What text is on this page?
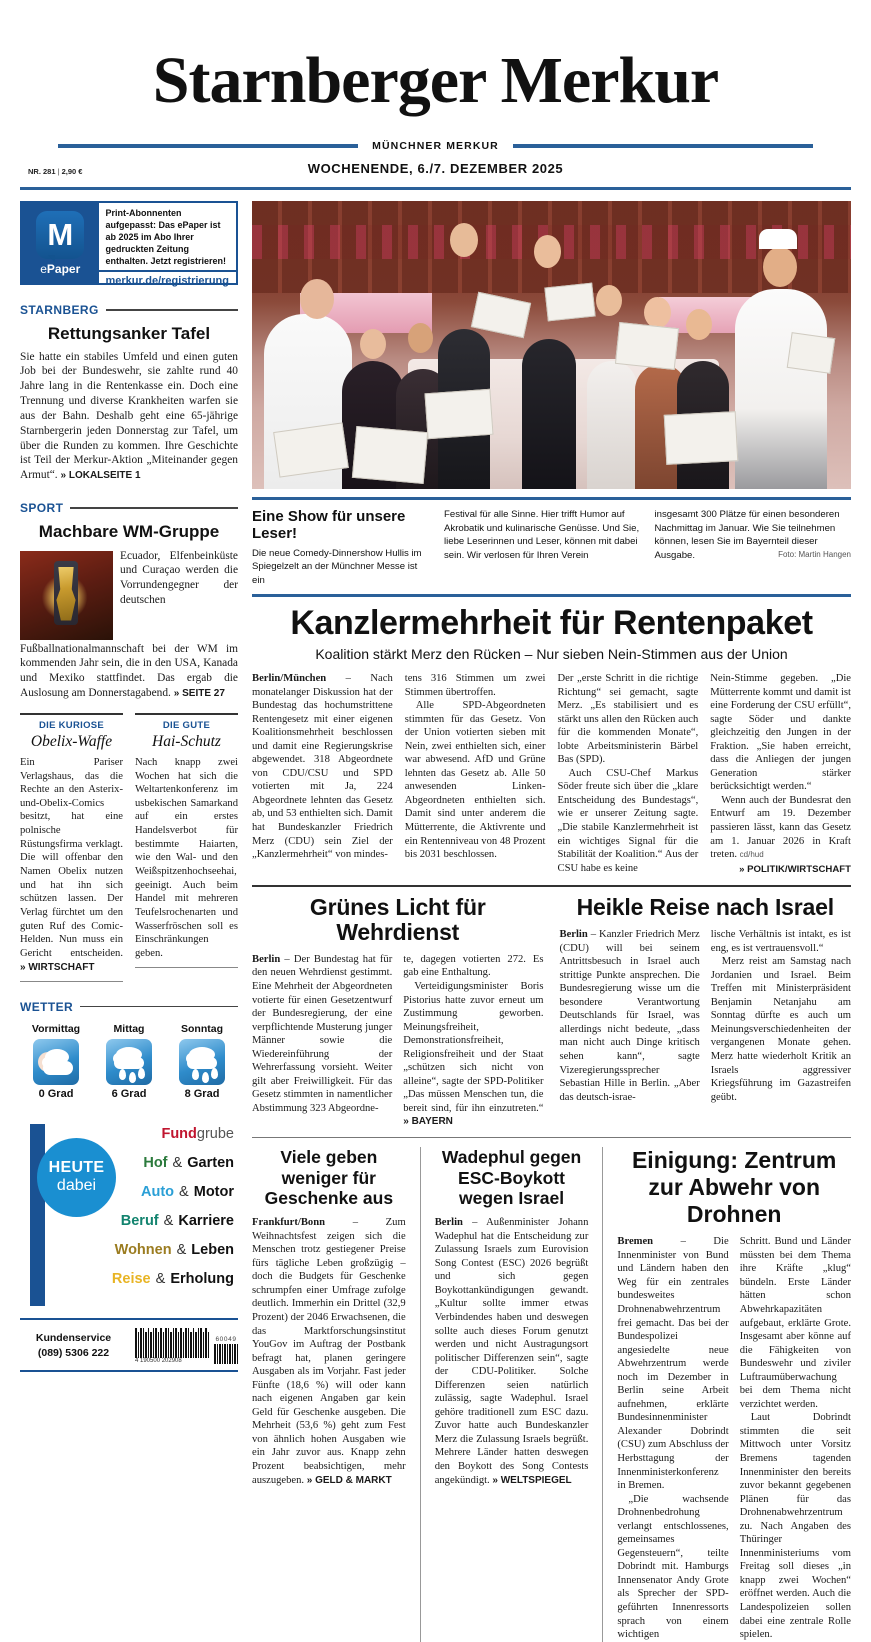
Starnberger Merkur
MÜNCHNER MERKUR
NR. 281 | 2,90 €	WOCHENENDE, 6./7. DEZEMBER 2025
M
ePaper
Print-Abonnenten aufgepasst: Das ePaper ist ab 2025 im Abo Ihrer gedruckten Zeitung enthalten. Jetzt registrieren!
merkur.de/registrierung
STARNBERG
Rettungsanker Tafel
Sie hatte ein stabiles Umfeld und einen guten Job bei der Bundeswehr, sie zahlte rund 40 Jahre lang in die Rentenkasse ein. Doch eine Trennung und diverse Krankheiten warfen sie aus der Bahn. Deshalb geht eine 65-jährige Starnbergerin jeden Donnerstag zur Tafel, um über die Runden zu kommen. Ihre Geschichte ist Teil der Merkur-Aktion „Miteinander gegen Armut“. » LOKALSEITE 1
SPORT
Machbare WM-Gruppe
Ecuador, Elfenbeinküste und Curaçao werden die Vorrundengegner der deutschen Fußballnationalmannschaft bei der WM im kommenden Jahr sein, die in den USA, Kanada und Mexiko stattfindet. Das ergab die Auslosung am Donnerstagabend. » SEITE 27
DIE KURIOSE
Obelix-Waffe
Ein Pariser Verlagshaus, das die Rechte an den Asterix-und-Obelix-Comics besitzt, hat eine polnische Rüstungsfirma verklagt. Die will offenbar den Namen Obelix nutzen und hat ihn sich schützen lassen. Der Verlag fürchtet um den guten Ruf des Comic-Helden. Nun muss ein Gericht entscheiden. » WIRTSCHAFT
DIE GUTE
Hai-Schutz
Nach knapp zwei Wochen hat sich die Weltartenkonferenz im usbekischen Samarkand auf ein erstes Handelsverbot für bestimmte Haiarten, wie den Wal- und den Weißspitzenhochseehai, geeinigt. Auch beim Handel mit mehreren Teufelsrochenarten und Wasserfröschen soll es Einschränkungen geben.
WETTER
Vormittag
0 Grad
Mittag
6 Grad
Sonntag
8 Grad
HEUTE
dabei
Fundgrube
Hof & Garten
Auto & Motor
Beruf & Karriere
Wohnen & Leben
Reise & Erholung
Kundenservice
(089) 5306 222
4 190500 202908
60049
Eine Show für unsere Leser!
Die neue Comedy-Dinnershow Hullis im Spiegelzelt an der Münchner Messe ist ein
Festival für alle Sinne. Hier trifft Humor auf Akrobatik und kulinarische Genüsse. Und Sie, liebe Leserinnen und Leser, können mit dabei sein. Wir verlosen für Ihren Verein
insgesamt 300 Plätze für einen besonderen Nachmittag im Januar. Wie Sie teilnehmen können, lesen Sie im Bayernteil dieser Ausgabe.	Foto: Martin Hangen
Kanzlermehrheit für Rentenpaket
Koalition stärkt Merz den Rücken – Nur sieben Nein-Stimmen aus der Union

Berlin/München – Nach monatelanger Diskussion hat der Bundestag das hochumstrittene Rentengesetz mit einer eigenen Koalitionsmehrheit beschlossen und damit eine Regierungskrise abgewendet. 318 Abgeordnete von CDU/CSU und SPD votierten mit Ja, 224 Abgeordnete lehnten das Gesetz ab, und 53 enthielten sich. Damit hat Bundeskanzler Friedrich Merz (CDU) sein Ziel der „Kanzlermehrheit“ von mindes-

tens 316 Stimmen um zwei Stimmen übertroffen.

Alle SPD-Abgeordneten stimmten für das Gesetz. Von der Union votierten sieben mit Nein, zwei enthielten sich, einer war abwesend. AfD und Grüne lehnten das Gesetz ab. Alle 50 anwesenden Linken-Abgeordneten enthielten sich. Damit sind unter anderem die Mütterrente, die Aktivrente und ein Rentenniveau von 48 Prozent bis 2031 beschlossen.

Der „erste Schritt in die richtige Richtung“ sei gemacht, sagte Merz. „Es stabilisiert und es stärkt uns allen den Rücken auch für die kommenden Monate“, lobte Arbeitsministerin Bärbel Bas (SPD).

Auch CSU-Chef Markus Söder freute sich über die „klare Entscheidung des Bundestags“, wie er unserer Zeitung sagte. „Die stabile Kanzlermehrheit ist ein wichtiges Signal für die Stabilität der Koalition.“ Aus der CSU habe es keine

Nein-Stimme gegeben. „Die Mütterrente kommt und damit ist eine Forderung der CSU erfüllt“, sagte Söder und dankte gleichzeitig den Jungen in der Fraktion. „Sie haben erreicht, dass die Anliegen der jungen Generation stärker berücksichtigt werden.“

Wenn auch der Bundesrat den Entwurf am 19. Dezember passieren lässt, kann das Gesetz am 1. Januar 2026 in Kraft treten. cd/hud

» POLITIK/WIRTSCHAFT
Grünes Licht für Wehrdienst

Berlin – Der Bundestag hat für den neuen Wehrdienst gestimmt. Eine Mehrheit der Abgeordneten votierte für einen Gesetzentwurf der Bundesregierung, der eine verpflichtende Musterung junger Männer sowie die Wiedereinführung der Wehrerfassung vorsieht. Weiter gilt aber Freiwilligkeit. Für das Gesetz stimmten in namentlicher Abstimmung 323 Abgeordne-

te, dagegen votierten 272. Es gab eine Enthaltung.

Verteidigungsminister Boris Pistorius hatte zuvor erneut um Zustimmung geworben. Meinungsfreiheit, Demonstrationsfreiheit, Religionsfreiheit und der Staat „schützen sich nicht von alleine“, sagte der SPD-Politiker „Das müssen Menschen tun, die bereit sind, für ihn einzutreten.“ » BAYERN

Heikle Reise nach Israel

Berlin – Kanzler Friedrich Merz (CDU) will bei seinem Antrittsbesuch in Israel auch strittige Punkte ansprechen. Die Bundesregierung wisse um die besondere Verantwortung Deutschlands für Israel, was allerdings nicht bedeute, „dass man nicht auch Dinge kritisch sehen kann“, sagte Vizeregierungssprecher Sebastian Hille in Berlin. „Aber das deutsch-israe-

lische Verhältnis ist intakt, es ist eng, es ist vertrauensvoll.“

Merz reist am Samstag nach Jordanien und Israel. Beim Treffen mit Ministerpräsident Benjamin Netanjahu am Sonntag dürfte es auch um Meinungsverschiedenheiten der vergangenen Monate gehen. Merz hatte wiederholt Kritik an Israels aggressiver Kriegsführung im Gazastreifen geübt.

Viele geben weniger für Geschenke aus

Frankfurt/Bonn – Zum Weihnachtsfest zeigen sich die Menschen trotz gestiegener Preise fürs tägliche Leben großzügig – doch die Budgets für Geschenke schrumpfen einer Umfrage zufolge deutlich. Immerhin ein Drittel (32,9 Prozent) der 2046 Erwachsenen, die das Marktforschungsinstitut YouGov im Auftrag der Postbank befragt hat, planen geringere Ausgaben als im Vorjahr. Fast jeder Fünfte (18,6 %) will oder kann nach eigenen Angaben gar kein Geld für Geschenke ausgeben. Die Mehrheit (53,6 %) geht zum Fest von ähnlich hohen Ausgaben wie ein Jahr zuvor aus. Knapp zehn Prozent beabsichtigen, mehr auszugeben. » GELD & MARKT

Wadephul gegen ESC-Boykott wegen Israel

Berlin – Außenminister Johann Wadephul hat die Entscheidung zur Zulassung Israels zum Eurovision Song Contest (ESC) 2026 begrüßt und sich gegen Boykottankündigungen gewandt. „Kultur sollte immer etwas Verbindendes haben und deswegen sollte auch dieses Forum genutzt werden und nicht Austragungsort politischer Differenzen sein“, sagte der CDU-Politiker. Solche Differenzen seien natürlich zulässig, sagte Wadephul. Israel gehöre traditionell zum ESC dazu. Zuvor hatte auch Bundeskanzler Merz die Zulassung Israels begrüßt. Mehrere Länder hatten deswegen den Boykott des Song Contests angekündigt. » WELTSPIEGEL

Einigung: Zentrum zur Abwehr von Drohnen

Bremen – Die Innenminister von Bund und Ländern haben den Weg für ein zentrales bundesweites Drohnenabwehrzentrum frei gemacht. Das bei der Bundespolizei angesiedelte neue Abwehrzentrum werde noch im Dezember in Berlin seine Arbeit aufnehmen, erklärte Bundesinnenminister Alexander Dobrindt (CSU) zum Abschluss der Herbsttagung der Innenministerkonferenz in Bremen.

„Die wachsende Drohnenbedrohung verlangt entschlossenes, gemeinsames Gegensteuern“, teilte Dobrindt mit. Hamburgs Innensenator Andy Grote als Sprecher der SPD-geführten Innenressorts sprach von einem wichtigen

Schritt. Bund und Länder müssten bei dem Thema ihre Kräfte „klug“ bündeln. Erste Länder hätten schon Abwehrkapazitäten aufgebaut, erklärte Grote. Insgesamt aber könne auf die Fähigkeiten von Bundeswehr und ziviler Luftraumüberwachung bei dem Thema nicht verzichtet werden.

Laut Dobrindt stimmten die seit Mittwoch unter Vorsitz Bremens tagenden Innenminister den bereits zuvor bekannt gegebenen Plänen für das Drohnenabwehrzentrum zu. Nach Angaben des Thüringer Innenministeriums vom Freitag soll dieses „in knapp zwei Wochen“ eröffnet werden. Auch die Landespolizeien sollen dabei eine zentrale Rolle spielen.
